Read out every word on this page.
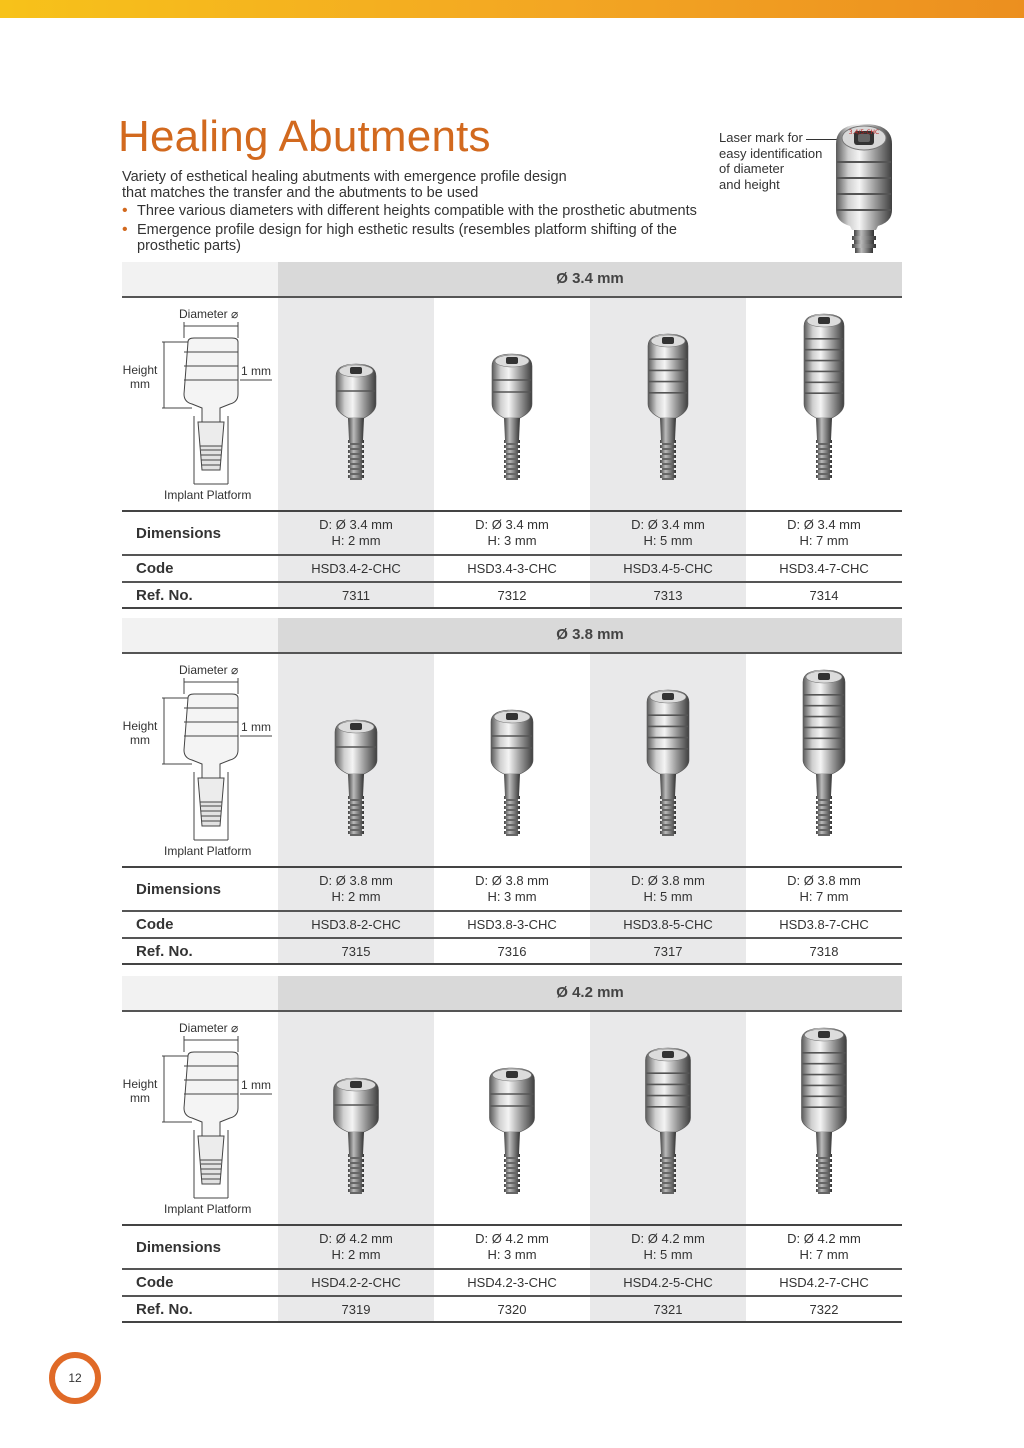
Healing Abutments
Variety of esthetical healing abutments with emergence profile design
that matches the transfer and the abutments to be used
• Three various diameters with different heights compatible with the prosthetic abutments
• Emergence profile design for high esthetic results (resembles platform shifting of the prosthetic parts)
Laser mark for
easy identification
of diameter
and height
3.4/5-CHC
Ø 3.4 mm
Diameter ⌀
Height
mm
1 mm
Implant Platform
Dimensions
Code
Ref. No.
D: Ø 3.4 mm
H: 2 mm
HSD3.4-2-CHC
7311
D: Ø 3.4 mm
H: 3 mm
HSD3.4-3-CHC
7312
D: Ø 3.4 mm
H: 5 mm
HSD3.4-5-CHC
7313
D: Ø 3.4 mm
H: 7 mm
HSD3.4-7-CHC
7314
Ø 3.8 mm
Diameter ⌀
Height
mm
1 mm
Implant Platform
Dimensions
Code
Ref. No.
D: Ø 3.8 mm
H: 2 mm
HSD3.8-2-CHC
7315
D: Ø 3.8 mm
H: 3 mm
HSD3.8-3-CHC
7316
D: Ø 3.8 mm
H: 5 mm
HSD3.8-5-CHC
7317
D: Ø 3.8 mm
H: 7 mm
HSD3.8-7-CHC
7318
Ø 4.2 mm
Diameter ⌀
Height
mm
1 mm
Implant Platform
Dimensions
Code
Ref. No.
D: Ø 4.2 mm
H: 2 mm
HSD4.2-2-CHC
7319
D: Ø 4.2 mm
H: 3 mm
HSD4.2-3-CHC
7320
D: Ø 4.2 mm
H: 5 mm
HSD4.2-5-CHC
7321
D: Ø 4.2 mm
H: 7 mm
HSD4.2-7-CHC
7322
12
